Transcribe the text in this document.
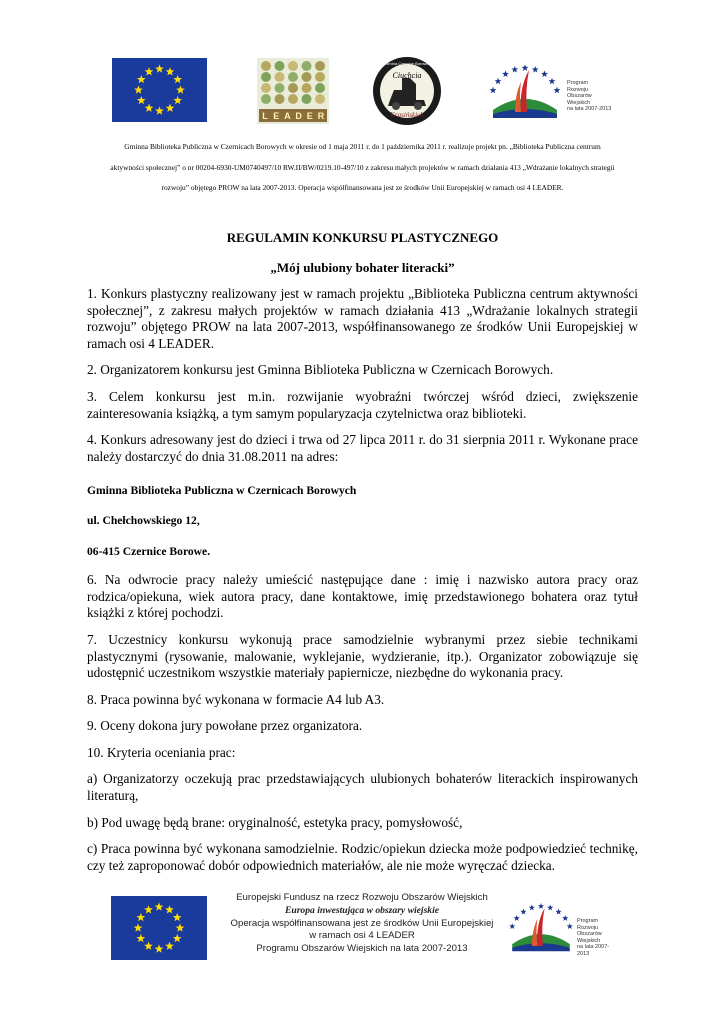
L E A D E R
Ciuchcia
Krasińskich
Gmina Czernice Borowe
Program
Rozwoju
Obszarów
Wiejskich
na lata 2007-2013
Gminna Biblioteka Publiczna w Czernicach Borowych w okresie od 1 maja 2011 r. do 1 października 2011 r. realizuje projekt pn. „Biblioteka Publiczna centrum
aktywności społecznej” o nr 00204-6930-UM0740497/10 RW.II/BW/0219.10-497/10 z zakresu małych projektów w ramach działania 413 „Wdrażanie lokalnych strategii
rozwoju” objętego PROW na lata 2007-2013. Operacja współfinansowana jest ze środków Unii Europejskiej w ramach osi 4 LEADER.
REGULAMIN KONKURSU PLASTYCZNEGO
„Mój ulubiony bohater literacki”

1. Konkurs plastyczny realizowany jest w ramach projektu „Biblioteka Publiczna centrum aktywności społecznej”, z zakresu małych projektów w ramach działania 413 „Wdrażanie lokalnych strategii rozwoju” objętego PROW na lata 2007-2013, współfinansowanego ze środków Unii Europejskiej w ramach osi 4 LEADER.

2. Organizatorem konkursu jest Gminna Biblioteka Publiczna w Czernicach Borowych.

3. Celem konkursu jest m.in. rozwijanie wyobraźni twórczej wśród dzieci, zwiększenie zainteresowania książką, a tym samym popularyzacja czytelnictwa oraz biblioteki.

4. Konkurs adresowany jest do dzieci i trwa od 27 lipca 2011 r. do 31 sierpnia 2011 r. Wykonane prace należy dostarczyć do dnia 31.08.2011 na adres:

Gminna Biblioteka Publiczna w Czernicach Borowych

ul. Chełchowskiego 12,

06-415 Czernice Borowe.

6. Na odwrocie pracy należy umieścić następujące dane : imię i nazwisko autora pracy oraz rodzica/opiekuna, wiek autora pracy, dane kontaktowe, imię przedstawionego bohatera oraz tytuł książki z której pochodzi.

7. Uczestnicy konkursu wykonują prace samodzielnie wybranymi przez siebie technikami plastycznymi (rysowanie, malowanie, wyklejanie, wydzieranie, itp.). Organizator zobowiązuje się udostępnić uczestnikom wszystkie materiały papiernicze, niezbędne do wykonania pracy.

8. Praca powinna być wykonana w formacie A4 lub A3.

9. Oceny dokona jury powołane przez organizatora.

10. Kryteria oceniania prac:

a) Organizatorzy oczekują prac przedstawiających ulubionych bohaterów literackich inspirowanych literaturą,

b) Pod uwagę będą brane: oryginalność, estetyka pracy, pomysłowość,

c) Praca powinna być wykonana samodzielnie. Rodzic/opiekun dziecka może podpowiedzieć technikę, czy też zaproponować dobór odpowiednich materiałów, ale nie może wyręczać dziecka.

Europejski Fundusz na rzecz Rozwoju Obszarów Wiejskich
Europa inwestująca w obszary wiejskie
Operacja współfinansowana jest ze środków Unii Europejskiej
w ramach osi 4 LEADER
Programu Obszarów Wiejskich na lata 2007-2013
Program
Rozwoju
Obszarów
Wiejskich
na lata 2007-2013
